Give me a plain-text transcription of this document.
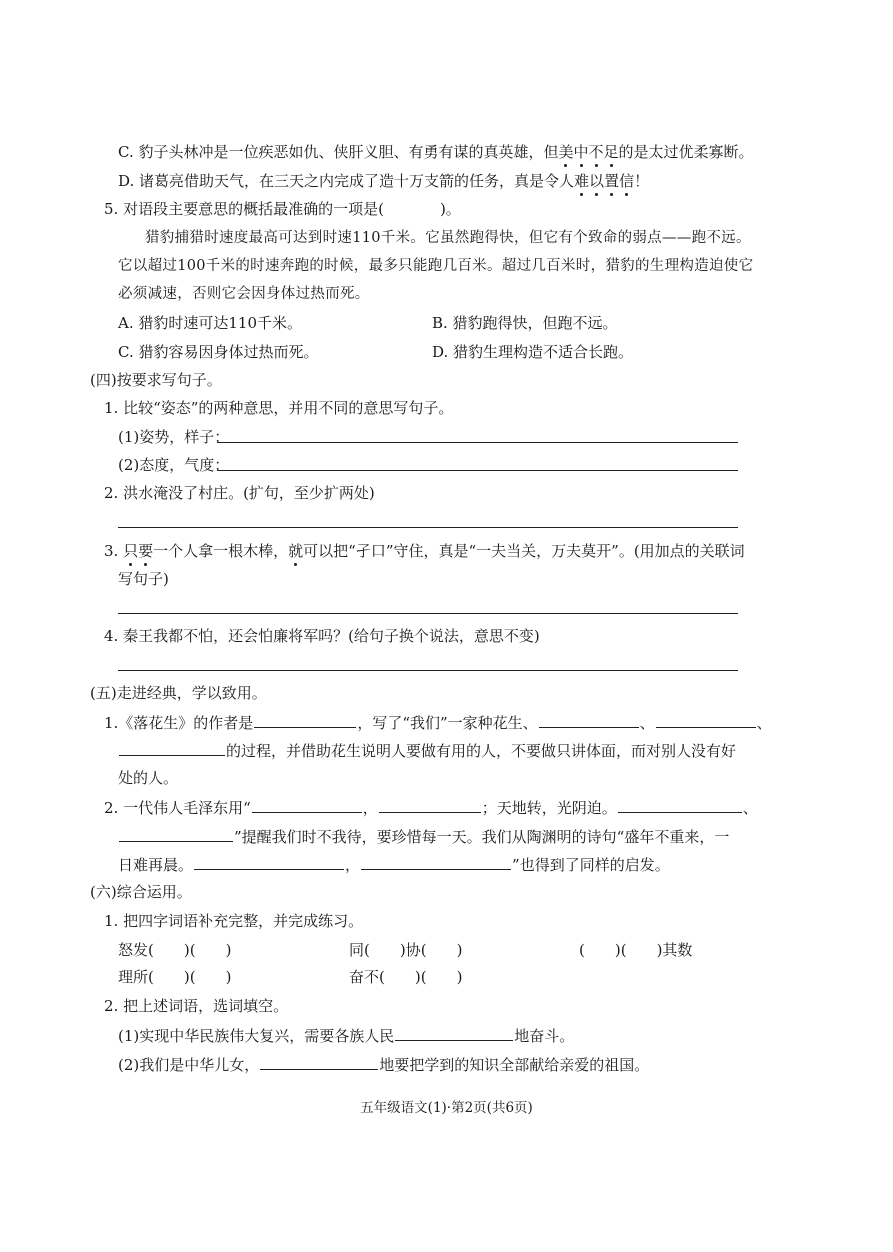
C. 豹子头林冲是一位疾恶如仇、侠肝义胆、有勇有谋的真英雄，但美中不足的是太过优柔寡断。
D. 诸葛亮借助天气，在三天之内完成了造十万支箭的任务，真是令人难以置信！
5. 对语段主要意思的概括最准确的一项是(	)。
猎豹捕猎时速度最高可达到时速110千米。它虽然跑得快，但它有个致命的弱点——跑不远。
它以超过100千米的时速奔跑的时候，最多只能跑几百米。超过几百米时，猎豹的生理构造迫使它
必须减速，否则它会因身体过热而死。
A. 猎豹时速可达110千米。	B. 猎豹跑得快，但跑不远。
C. 猎豹容易因身体过热而死。	D. 猎豹生理构造不适合长跑。
(四)按要求写句子。
1. 比较“姿态”的两种意思，并用不同的意思写句子。
(1)姿势，样子：
(2)态度，气度：
2. 洪水淹没了村庄。(扩句，至少扩两处)
3. 只要一个人拿一根木棒，就可以把“孑口”守住，真是“一夫当关，万夫莫开”。(用加点的关联词
写句子)
4. 秦王我都不怕，还会怕廉将军吗？(给句子换个说法，意思不变)
(五)走进经典，学以致用。
1.《落花生》的作者是	，写了“我们”一家种花生、	、	、
的过程，并借助花生说明人要做有用的人，不要做只讲体面，而对别人没有好
处的人。
2. 一代伟人毛泽东用“	，	；天地转，光阴迫。	、
”提醒我们时不我待，要珍惜每一天。我们从陶渊明的诗句“盛年不重来，一
日难再晨。	，	”也得到了同样的启发。
(六)综合运用。
1. 把四字词语补充完整，并完成练习。
怒发( )( )	同( )协( )	( )( )其数
理所( )( )	奋不( )( )
2. 把上述词语，选词填空。
(1)实现中华民族伟大复兴，需要各族人民	地奋斗。
(2)我们是中华儿女，	地要把学到的知识全部献给亲爱的祖国。
五年级语文(1)·第2页(共6页)
